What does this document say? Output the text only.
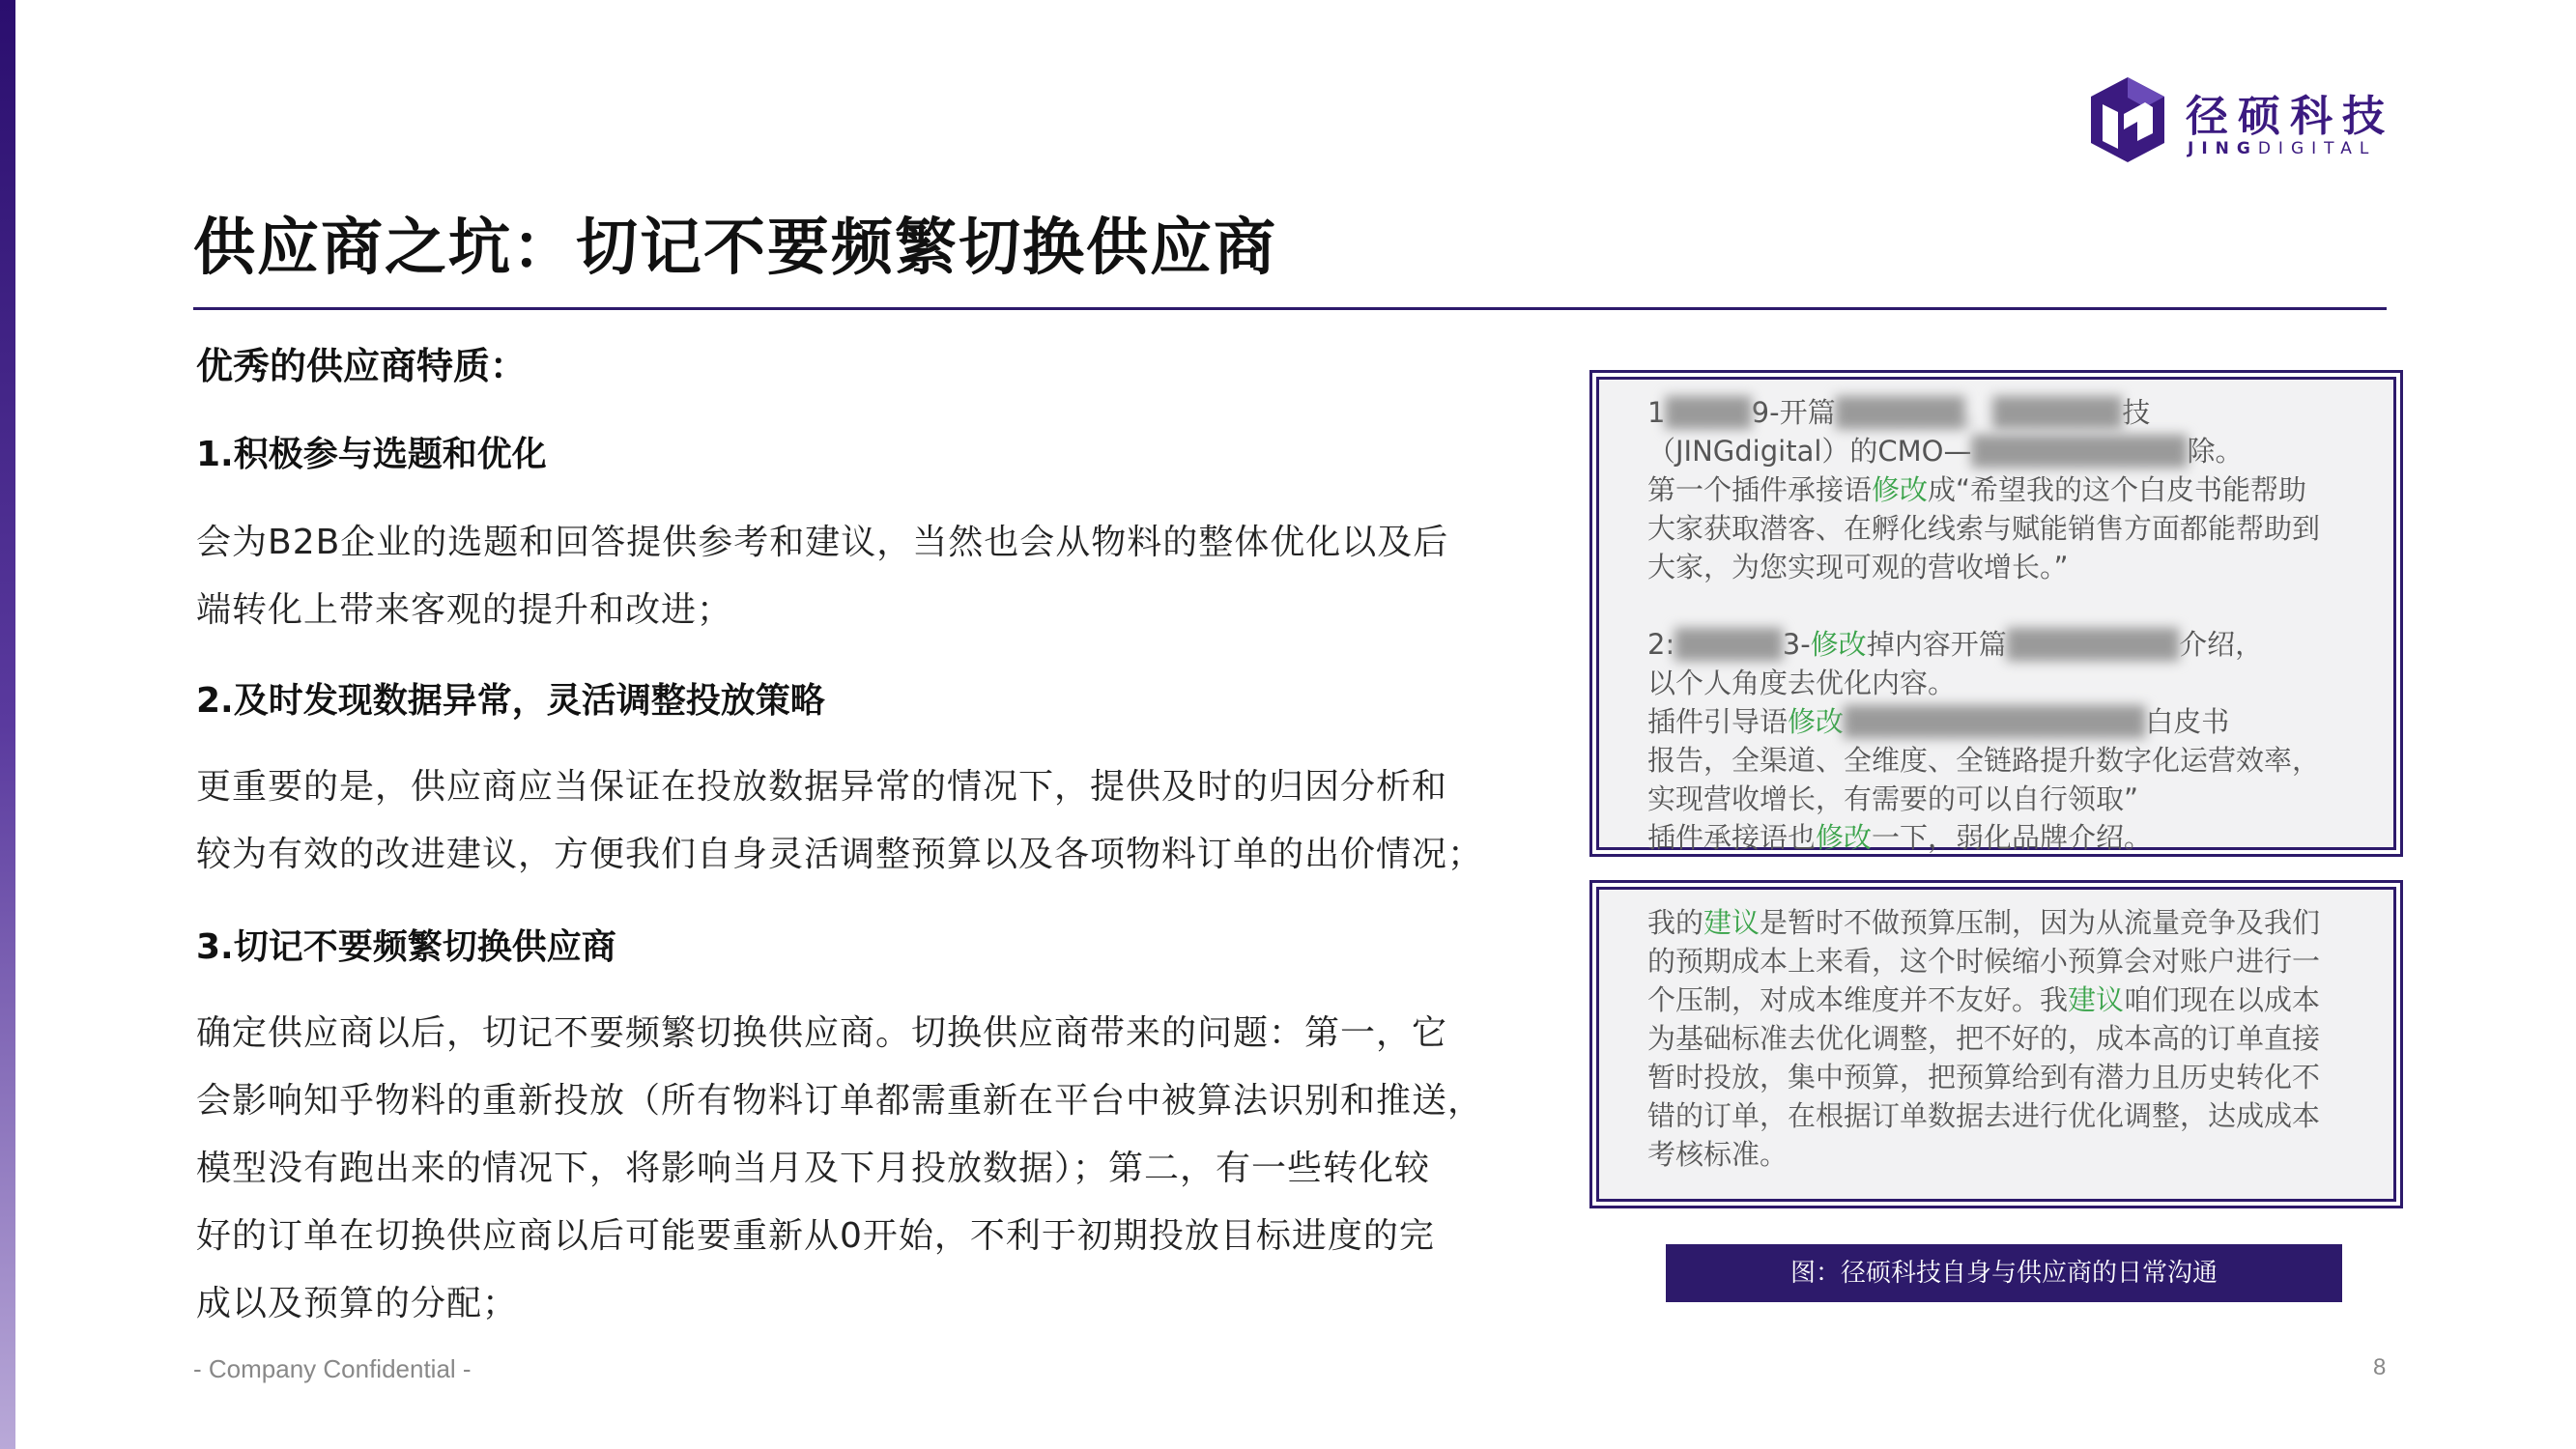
径硕科技
JINGDIGITAL
供应商之坑：切记不要频繁切换供应商
优秀的供应商特质：
1.积极参与选题和优化
会为B2B企业的选题和回答提供参考和建议，当然也会从物料的整体优化以及后
端转化上带来客观的提升和改进；
2.及时发现数据异常，灵活调整投放策略
更重要的是，供应商应当保证在投放数据异常的情况下，提供及时的归因分析和
较为有效的改进建议，方便我们自身灵活调整预算以及各项物料订单的出价情况；
3.切记不要频繁切换供应商
确定供应商以后，切记不要频繁切换供应商。切换供应商带来的问题：第一，它
会影响知乎物料的重新投放（所有物料订单都需重新在平台中被算法识别和推送，
模型没有跑出来的情况下，将影响当月及下月投放数据）；第二，有一些转化较
好的订单在切换供应商以后可能要重新从0开始，不利于初期投放目标进度的完
成以及预算的分配；
1████9-开篇██████，██████技
（JINGdigital）的CMO—██████████除。
第一个插件承接语修改成“希望我的这个白皮书能帮助
大家获取潜客、在孵化线索与赋能销售方面都能帮助到
大家，为您实现可观的营收增长。”
2:█████3-修改掉内容开篇████████介绍，
以个人角度去优化内容。
插件引导语修改██████████████白皮书
报告，全渠道、全维度、全链路提升数字化运营效率，
实现营收增长，有需要的可以自行领取”
插件承接语也修改一下，弱化品牌介绍。
我的建议是暂时不做预算压制，因为从流量竞争及我们
的预期成本上来看，这个时候缩小预算会对账户进行一
个压制，对成本维度并不友好。我建议咱们现在以成本
为基础标准去优化调整，把不好的，成本高的订单直接
暂时投放，集中预算，把预算给到有潜力且历史转化不
错的订单，在根据订单数据去进行优化调整，达成成本
考核标准。
图：径硕科技自身与供应商的日常沟通
- Company Confidential -	8
